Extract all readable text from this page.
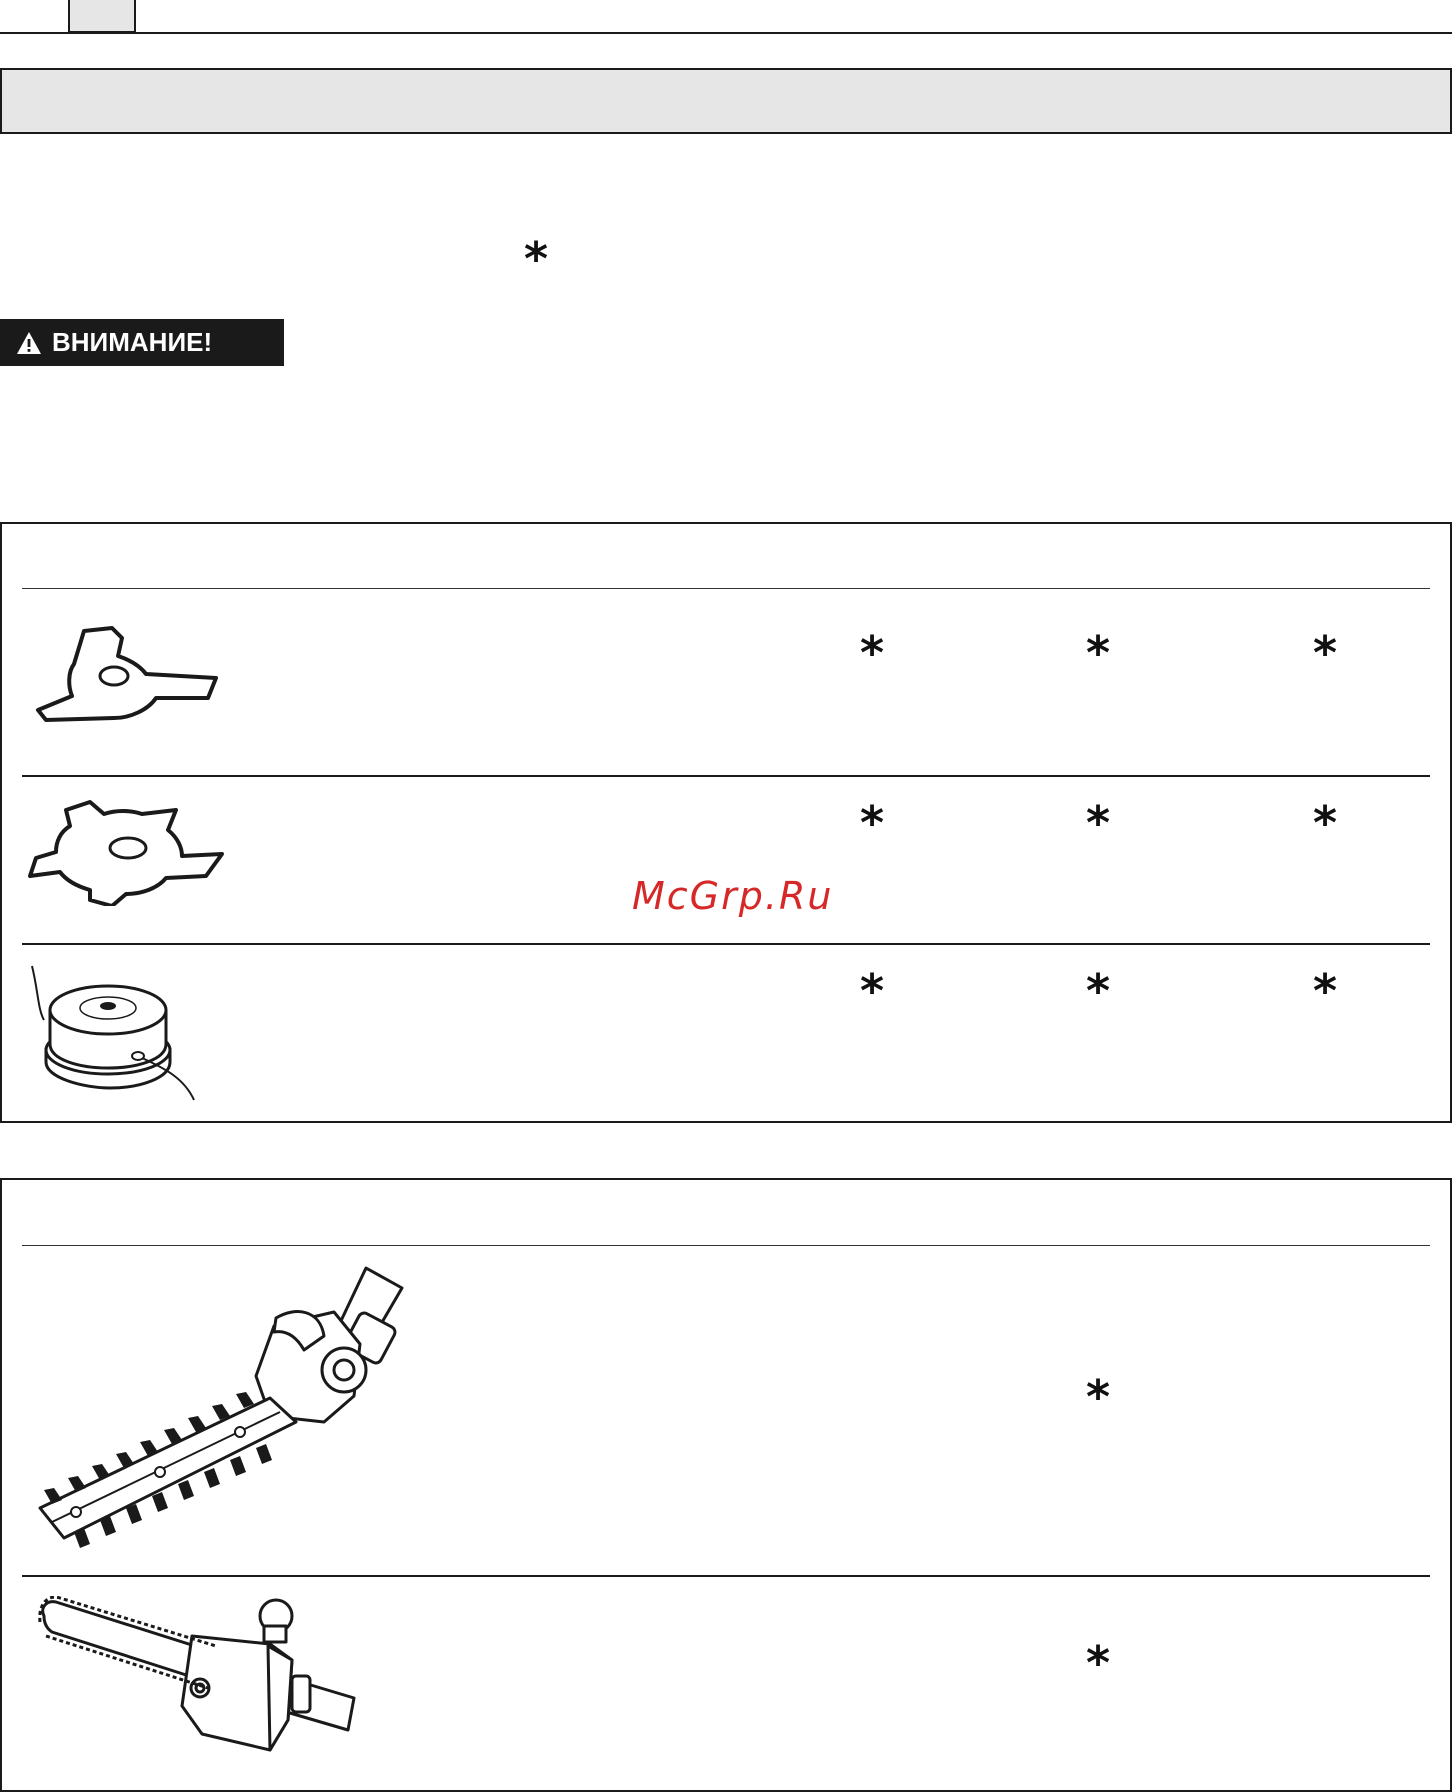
*
ВНИМАНИЕ!
*	*	*
*	*	*
*	*	*
McGrp.Ru
*
*
